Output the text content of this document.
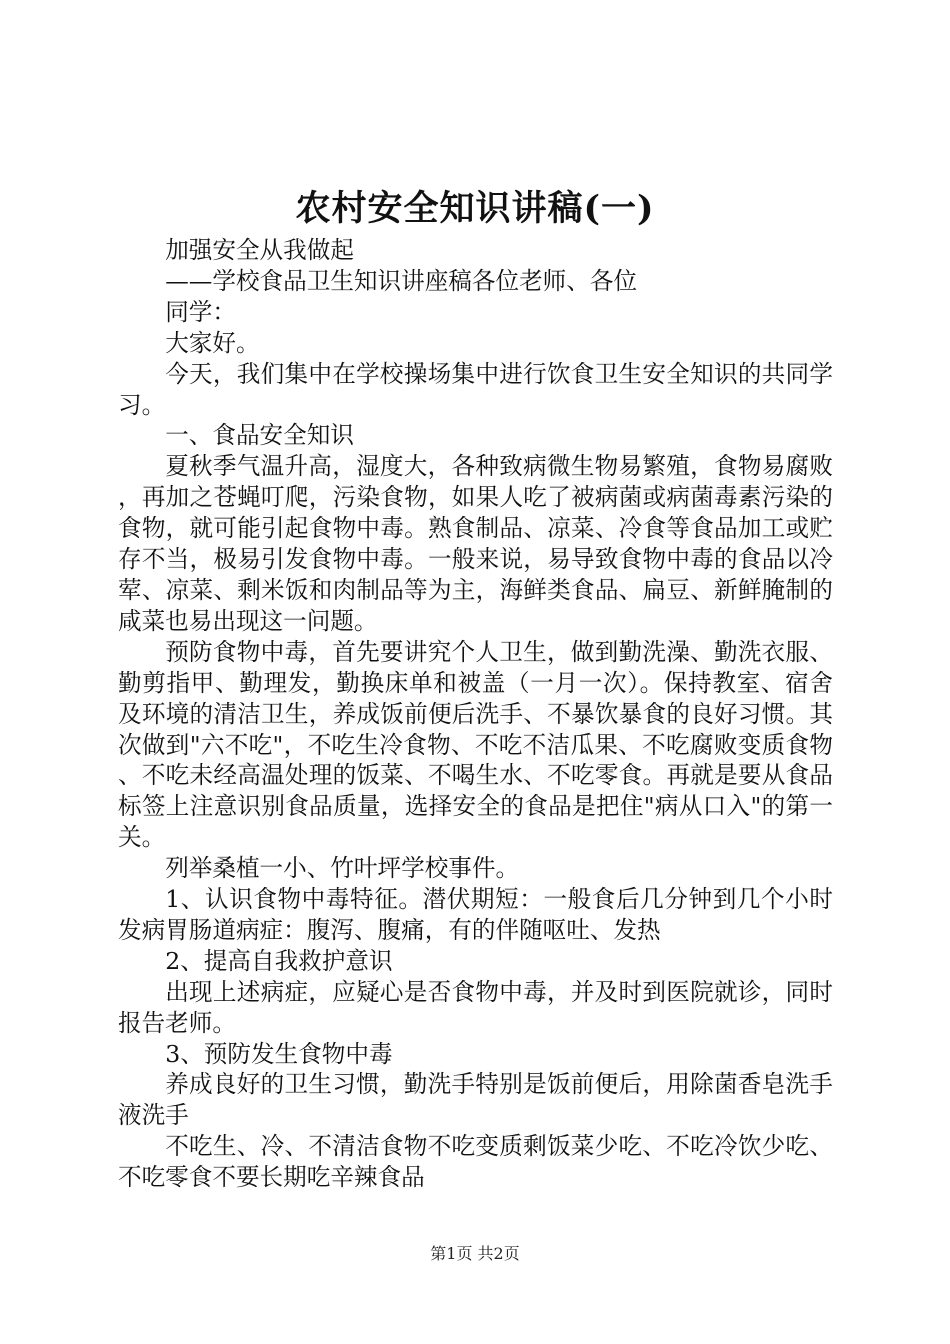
农村安全知识讲稿(一)

加强安全从我做起

——学校食品卫生知识讲座稿各位老师、各位

同学：

大家好。

今天，我们集中在学校操场集中进行饮食卫生安全知识的共同学习。

一、食品安全知识

夏秋季气温升高，湿度大，各种致病微生物易繁殖，食物易腐败，再加之苍蝇叮爬，污染食物，如果人吃了被病菌或病菌毒素污染的食物，就可能引起食物中毒。熟食制品、凉菜、冷食等食品加工或贮存不当，极易引发食物中毒。一般来说，易导致食物中毒的食品以冷荤、凉菜、剩米饭和肉制品等为主，海鲜类食品、扁豆、新鲜腌制的咸菜也易出现这一问题。

预防食物中毒，首先要讲究个人卫生，做到勤洗澡、勤洗衣服、勤剪指甲、勤理发，勤换床单和被盖（一月一次）。保持教室、宿舍及环境的清洁卫生，养成饭前便后洗手、不暴饮暴食的良好习惯。其次做到"六不吃"，不吃生冷食物、不吃不洁瓜果、不吃腐败变质食物、不吃未经高温处理的饭菜、不喝生水、不吃零食。再就是要从食品标签上注意识别食品质量，选择安全的食品是把住"病从口入"的第一关。

列举桑植一小、竹叶坪学校事件。

1、认识食物中毒特征。潜伏期短：一般食后几分钟到几个小时发病胃肠道病症：腹泻、腹痛，有的伴随呕吐、发热

2、提高自我救护意识

出现上述病症，应疑心是否食物中毒，并及时到医院就诊，同时报告老师。

3、预防发生食物中毒

养成良好的卫生习惯，勤洗手特别是饭前便后，用除菌香皂洗手液洗手

不吃生、冷、不清洁食物不吃变质剩饭菜少吃、不吃冷饮少吃、不吃零食不要长期吃辛辣食品

第1页 共2页
